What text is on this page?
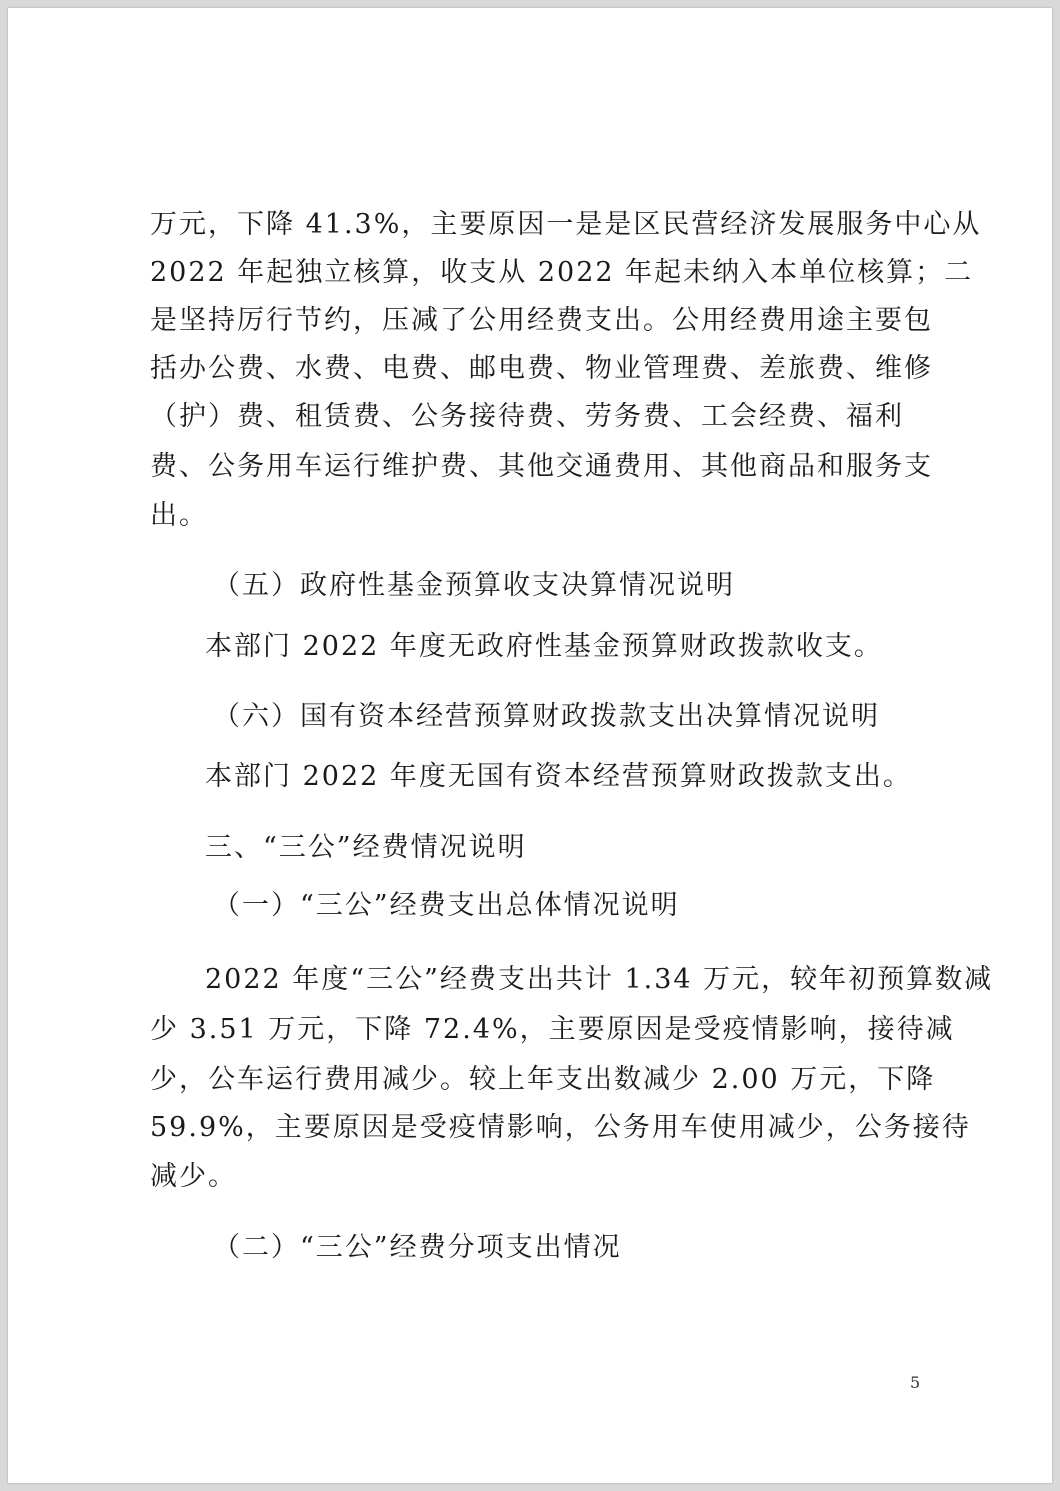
万元，下降 41.3%，主要原因一是是区民营经济发展服务中心从
2022 年起独立核算，收支从 2022 年起未纳入本单位核算；二
是坚持厉行节约，压减了公用经费支出。公用经费用途主要包
括办公费、水费、电费、邮电费、物业管理费、差旅费、维修
（护）费、租赁费、公务接待费、劳务费、工会经费、福利
费、公务用车运行维护费、其他交通费用、其他商品和服务支
出。
（五）政府性基金预算收支决算情况说明
本部门 2022 年度无政府性基金预算财政拨款收支。
（六）国有资本经营预算财政拨款支出决算情况说明
本部门 2022 年度无国有资本经营预算财政拨款支出。
三、“三公”经费情况说明
（一）“三公”经费支出总体情况说明
2022 年度“三公”经费支出共计 1.34 万元，较年初预算数减
少 3.51 万元，下降 72.4%，主要原因是受疫情影响，接待减
少，公车运行费用减少。较上年支出数减少 2.00 万元，下降
59.9%，主要原因是受疫情影响，公务用车使用减少，公务接待
减少。
（二）“三公”经费分项支出情况
5
